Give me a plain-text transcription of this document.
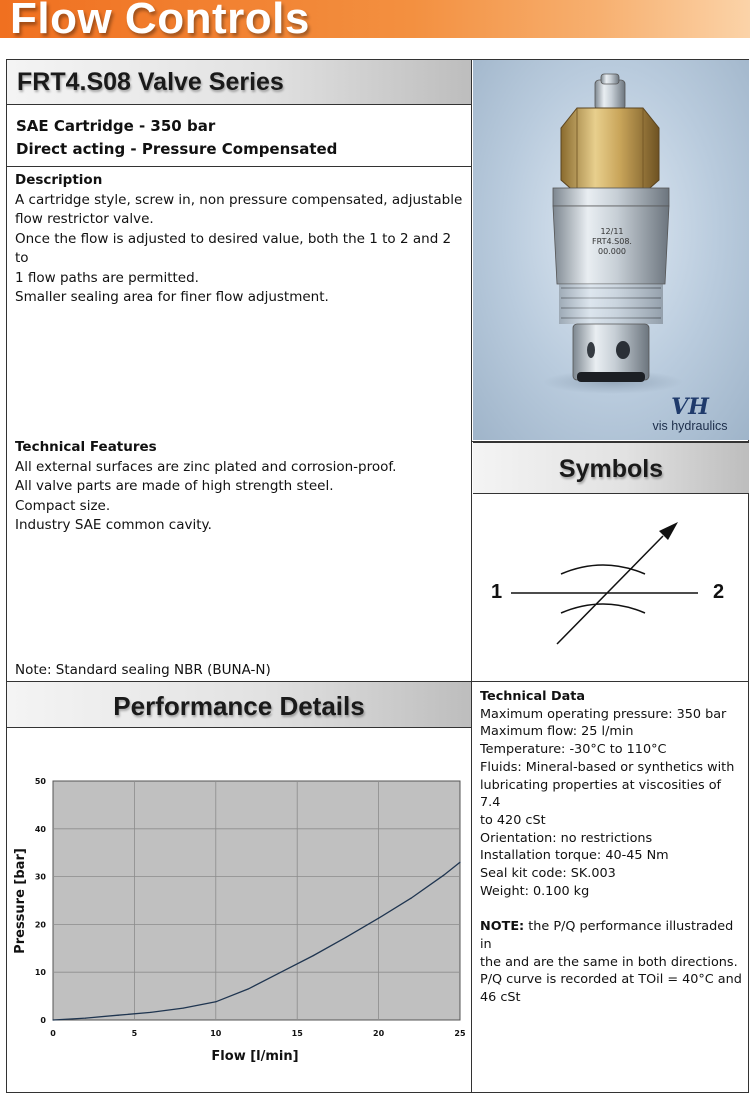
Flow Controls
FRT4.S08 Valve Series
SAE Cartridge - 350 bar
Direct acting - Pressure Compensated
Description
A cartridge style, screw in, non pressure compensated, adjustable
flow restrictor valve.
Once the flow is adjusted to desired value, both the 1 to 2 and 2 to
1 flow paths are permitted.
Smaller sealing area for finer flow adjustment.
Technical Features
All external surfaces are zinc plated and corrosion-proof.
All valve parts are made of high strength steel.
Compact size.
Industry SAE common cavity.
Note: Standard sealing NBR (BUNA-N)
12/11
FRT4.S08.
00.000
VH
vis hydraulics
Symbols
1	2
Performance Details
0	5	10	15	20	25
0
10
20
30
40
50
Flow [l/min]
Pressure [bar]
Technical Data
Maximum operating pressure: 350 bar
Maximum flow: 25 l/min
Temperature: -30°C to 110°C
Fluids: Mineral-based or synthetics with
lubricating properties at viscosities of 7.4
to 420 cSt
Orientation: no restrictions
Installation torque: 40-45 Nm
Seal kit code: SK.003
Weight: 0.100 kg
NOTE: the P/Q performance illustraded in
the and are the same in both directions.
P/Q curve is recorded at TOil = 40°C and
46 cSt
